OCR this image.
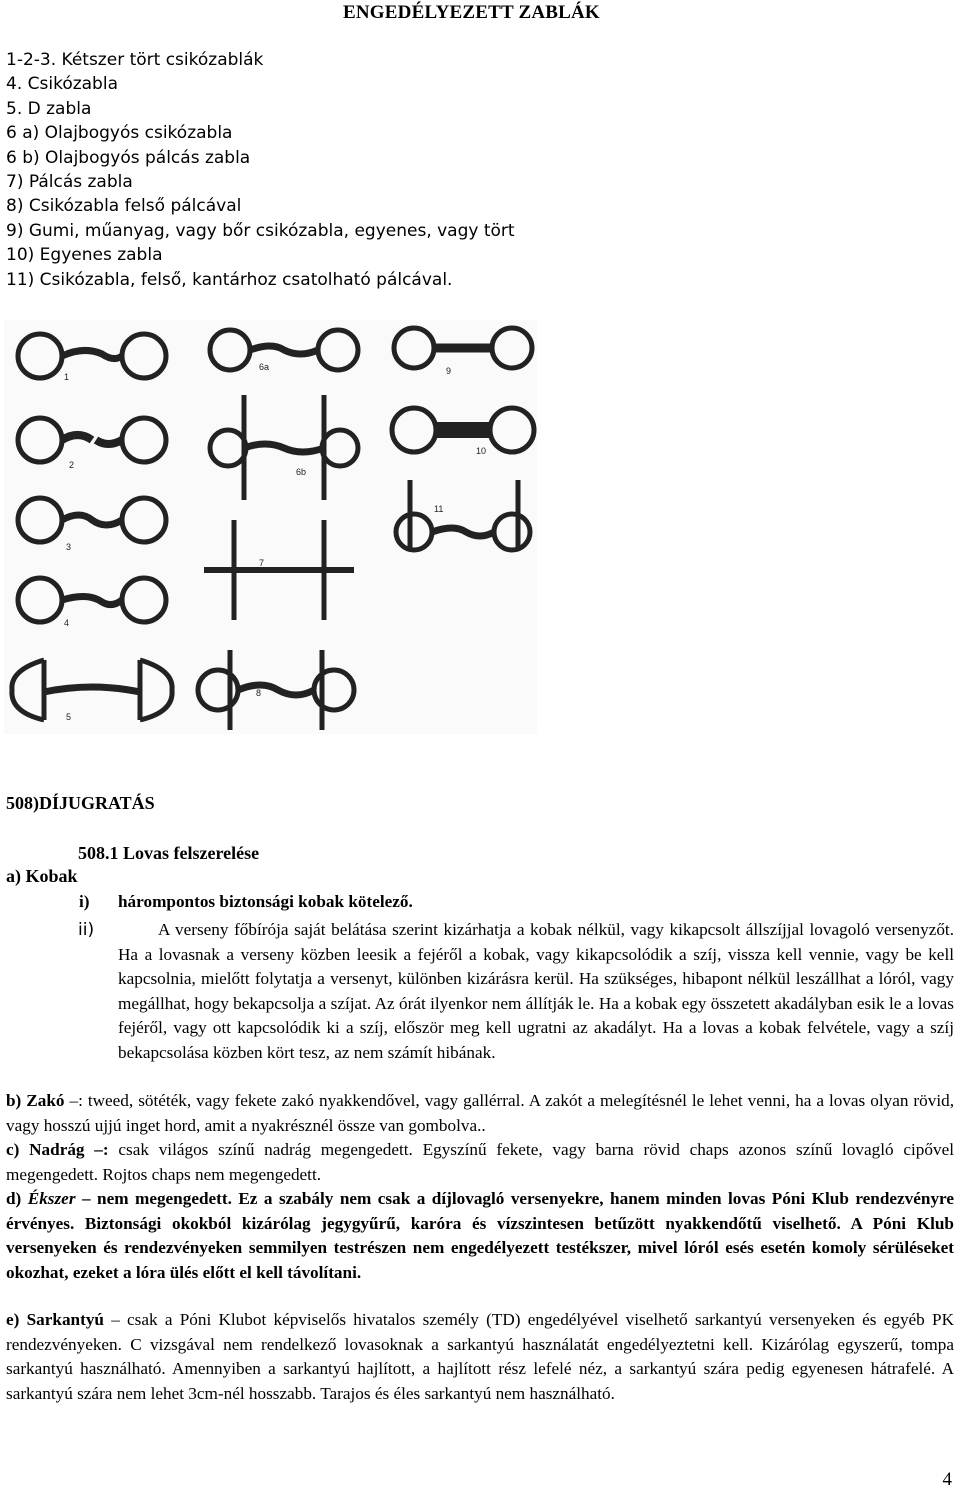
ENGEDÉLYEZETT ZABLÁK
1-2-3. Kétszer tört csikózablák
4. Csikózabla
5. D zabla
6 a) Olajbogyós csikózabla
6 b) Olajbogyós pálcás zabla
7) Pálcás zabla
8) Csikózabla felső pálcával
9) Gumi, műanyag, vagy bőr csikózabla, egyenes, vagy tört
10) Egyenes zabla
11) Csikózabla, felső, kantárhoz csatolható pálcával.
1
2
3
4
5
6a
6b
7
8
9
10
11
508)DÍJUGRATÁS
508.1 Lovas felszerelése
a) Kobak
i) hárompontos biztonsági kobak kötelező.
ii)	A verseny főbírója saját belátása szerint kizárhatja a kobak nélkül, vagy kikapcsolt állszíjjal lovagoló versenyzőt. Ha a lovasnak a verseny közben leesik a fejéről a kobak, vagy kikapcsolódik a szíj, vissza kell vennie, vagy be kell kapcsolnia, mielőtt folytatja a versenyt, különben kizárásra kerül. Ha szükséges, hibapont nélkül leszállhat a lóról, vagy megállhat, hogy bekapcsolja a szíjat. Az órát ilyenkor nem állítják le. Ha a kobak egy összetett akadályban esik le a lovas fejéről, vagy ott kapcsolódik ki a szíj, először meg kell ugratni az akadályt. Ha a lovas a kobak felvétele, vagy a szíj bekapcsolása közben kört tesz, az nem számít hibának.
b) Zakó –: tweed, sötéték, vagy fekete zakó nyakkendővel, vagy gallérral. A zakót a melegítésnél le lehet venni, ha a lovas olyan rövid, vagy hosszú ujjú inget hord, amit a nyakrésznél össze van gombolva..
c) Nadrág –: csak világos színű nadrág megengedett. Egyszínű fekete, vagy barna rövid chaps azonos színű lovagló cipővel megengedett. Rojtos chaps nem megengedett.
d) Ékszer – nem megengedett. Ez a szabály nem csak a díjlovagló versenyekre, hanem minden lovas Póni Klub rendezvényre érvényes. Biztonsági okokból kizárólag jegygyűrű, karóra és vízszintesen betűzött nyakkendőtű viselhető. A Póni Klub versenyeken és rendezvényeken semmilyen testrészen nem engedélyezett testékszer, mivel lóról esés esetén komoly sérüléseket okozhat, ezeket a lóra ülés előtt el kell távolítani.
e) Sarkantyú – csak a Póni Klubot képviselős hivatalos személy (TD) engedélyével viselhető sarkantyú versenyeken és egyéb PK rendezvényeken. C vizsgával nem rendelkező lovasoknak a sarkantyú használatát engedélyeztetni kell. Kizárólag egyszerű, tompa sarkantyú használható. Amennyiben a sarkantyú hajlított, a hajlított rész lefelé néz, a sarkantyú szára pedig egyenesen hátrafelé. A sarkantyú szára nem lehet 3cm-nél hosszabb. Tarajos és éles sarkantyú nem használható.
4
